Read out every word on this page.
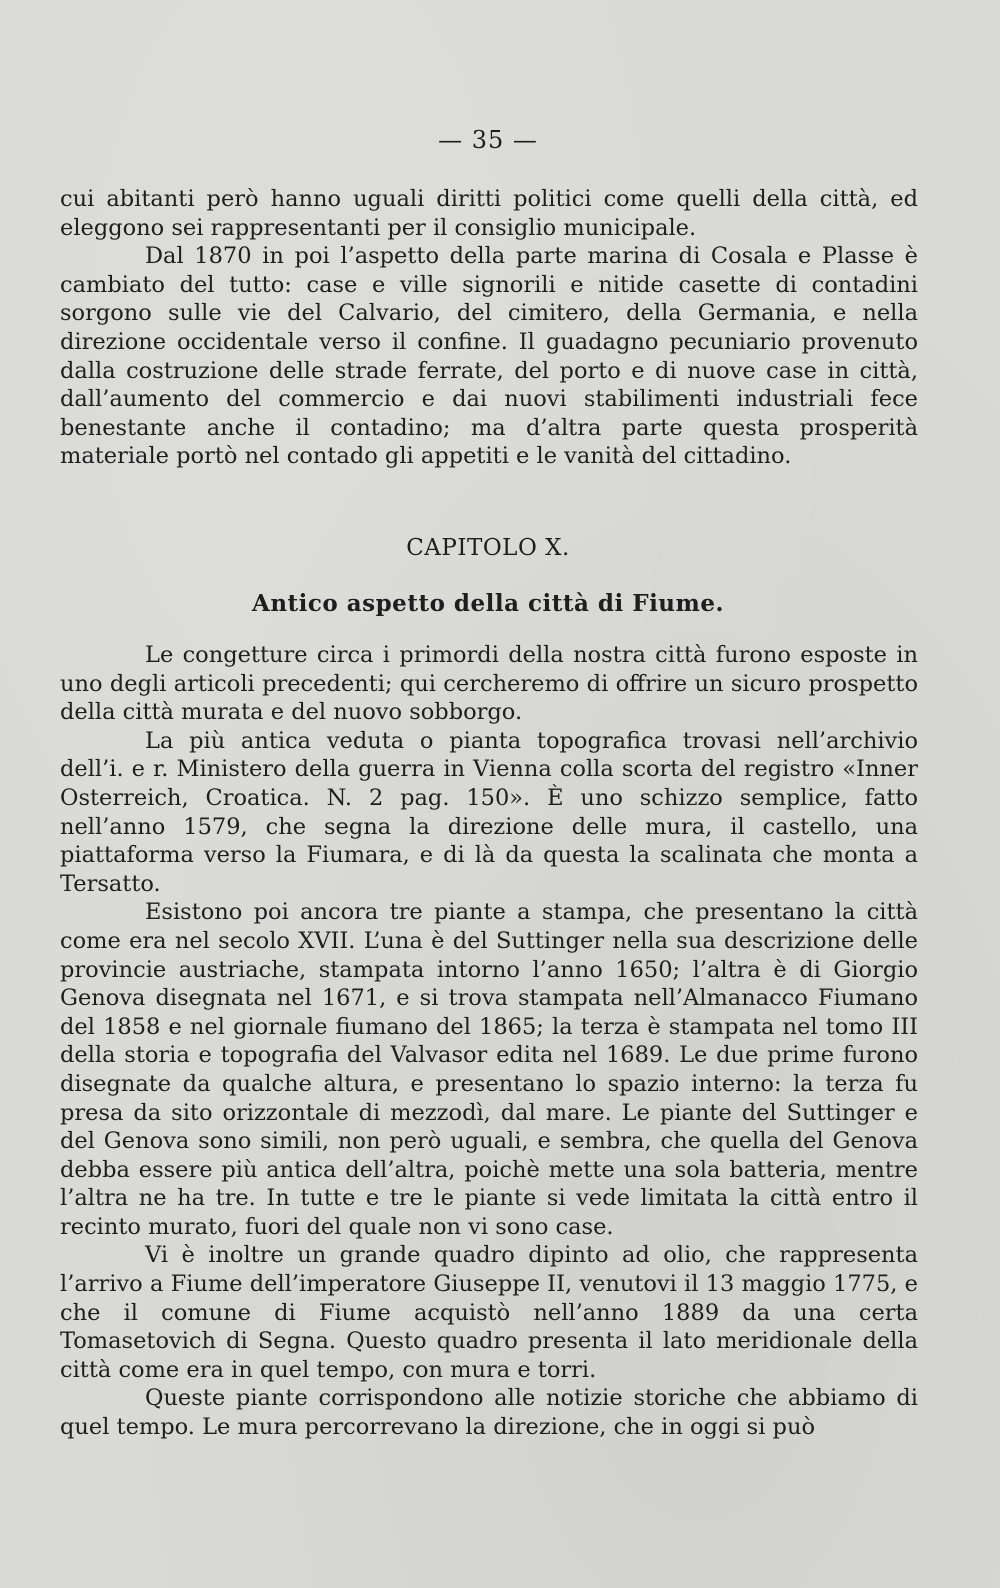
— 35 —

cui abitanti però hanno uguali diritti politici come quelli della città, ed eleggono sei rappresentanti per il consiglio municipale.

Dal 1870 in poi l’aspetto della parte marina di Cosala e Plasse è cambiato del tutto: case e ville signorili e nitide casette di contadini sorgono sulle vie del Calvario, del cimitero, della Germania, e nella direzione occidentale verso il confine. Il guadagno pecuniario provenuto dalla costruzione delle strade ferrate, del porto e di nuove case in città, dall’aumento del commercio e dai nuovi stabilimenti industriali fece benestante anche il contadino; ma d’altra parte questa prosperità materiale portò nel contado gli appetiti e le vanità del cittadino.

CAPITOLO X.
Antico aspetto della città di Fiume.

Le congetture circa i primordi della nostra città furono esposte in uno degli articoli precedenti; qui cercheremo di offrire un sicuro prospetto della città murata e del nuovo sobborgo.

La più antica veduta o pianta topografica trovasi nell’archivio dell’i. e r. Ministero della guerra in Vienna colla scorta del registro «Inner Osterreich, Croatica. N. 2 pag. 150». È uno schizzo semplice, fatto nell’anno 1579, che segna la direzione delle mura, il castello, una piattaforma verso la Fiumara, e di là da questa la scalinata che monta a Tersatto.

Esistono poi ancora tre piante a stampa, che presentano la città come era nel secolo XVII. L’una è del Suttinger nella sua descrizione delle provincie austriache, stampata intorno l’anno 1650; l’altra è di Giorgio Genova disegnata nel 1671, e si trova stampata nell’Almanacco Fiumano del 1858 e nel giornale fiumano del 1865; la terza è stampata nel tomo III della storia e topografia del Valvasor edita nel 1689. Le due prime furono disegnate da qualche altura, e presentano lo spazio interno: la terza fu presa da sito orizzontale di mezzodì, dal mare. Le piante del Suttinger e del Genova sono simili, non però uguali, e sembra, che quella del Genova debba essere più antica dell’altra, poichè mette una sola batteria, mentre l’altra ne ha tre. In tutte e tre le piante si vede limitata la città entro il recinto murato, fuori del quale non vi sono case.

Vi è inoltre un grande quadro dipinto ad olio, che rappresenta l’arrivo a Fiume dell’imperatore Giuseppe II, venutovi il 13 maggio 1775, e che il comune di Fiume acquistò nell’anno 1889 da una certa Tomasetovich di Segna. Questo quadro presenta il lato meridionale della città come era in quel tempo, con mura e torri.

Queste piante corrispondono alle notizie storiche che abbiamo di quel tempo. Le mura percorrevano la direzione, che in oggi si può
